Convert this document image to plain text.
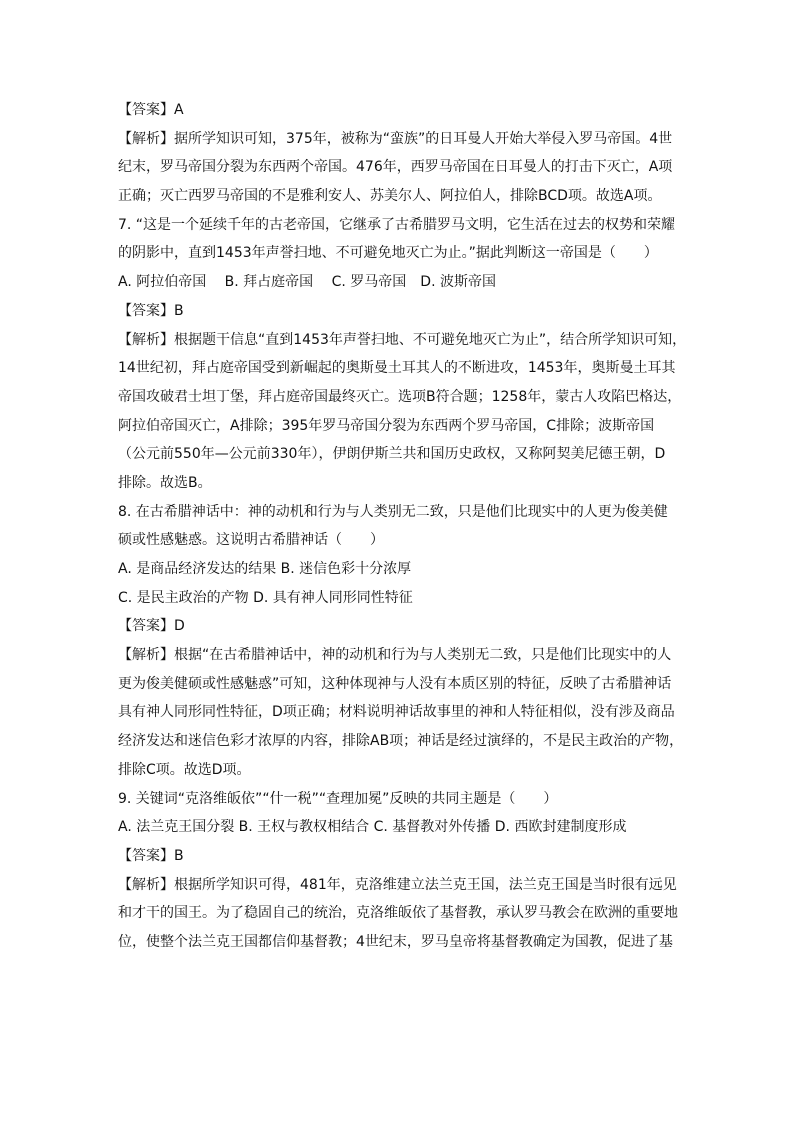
【答案】A
【解析】据所学知识可知，375年，被称为“蛮族”的日耳曼人开始大举侵入罗马帝国。4世
纪末，罗马帝国分裂为东西两个帝国。476年，西罗马帝国在日耳曼人的打击下灭亡，A项
正确；灭亡西罗马帝国的不是雅利安人、苏美尔人、阿拉伯人，排除BCD项。故选A项。
7. “这是一个延续千年的古老帝国，它继承了古希腊罗马文明，它生活在过去的权势和荣耀
的阴影中，直到1453年声誉扫地、不可避免地灭亡为止。”据此判断这一帝国是（　　）
A. 阿拉伯帝国　 B. 拜占庭帝国　 C. 罗马帝国　D. 波斯帝国
【答案】B
【解析】根据题干信息“直到1453年声誉扫地、不可避免地灭亡为止”，结合所学知识可知，
14世纪初，拜占庭帝国受到新崛起的奥斯曼土耳其人的不断进攻，1453年，奥斯曼土耳其
帝国攻破君士坦丁堡，拜占庭帝国最终灭亡。选项B符合题；1258年，蒙古人攻陷巴格达，
阿拉伯帝国灭亡，A排除；395年罗马帝国分裂为东西两个罗马帝国，C排除；波斯帝国
（公元前550年—公元前330年），伊朗伊斯兰共和国历史政权，又称阿契美尼德王朝，D
排除。故选B。
8. 在古希腊神话中：神的动机和行为与人类别无二致，只是他们比现实中的人更为俊美健
硕或性感魅惑。这说明古希腊神话（　　）
A. 是商品经济发达的结果 B. 迷信色彩十分浓厚
C. 是民主政治的产物 D. 具有神人同形同性特征
【答案】D
【解析】根据“在古希腊神话中，神的动机和行为与人类别无二致，只是他们比现实中的人
更为俊美健硕或性感魅惑”可知，这种体现神与人没有本质区别的特征，反映了古希腊神话
具有神人同形同性特征，D项正确；材料说明神话故事里的神和人特征相似，没有涉及商品
经济发达和迷信色彩才浓厚的内容，排除AB项；神话是经过演绎的，不是民主政治的产物，
排除C项。故选D项。
9. 关键词“克洛维皈依”“什一税”“查理加冕”反映的共同主题是（　　）
A. 法兰克王国分裂 B. 王权与教权相结合 C. 基督教对外传播 D. 西欧封建制度形成
【答案】B
【解析】根据所学知识可得，481年，克洛维建立法兰克王国，法兰克王国是当时很有远见
和才干的国王。为了稳固自己的统治，克洛维皈依了基督教，承认罗马教会在欧洲的重要地
位，使整个法兰克王国都信仰基督教；4世纪末，罗马皇帝将基督教确定为国教，促进了基
